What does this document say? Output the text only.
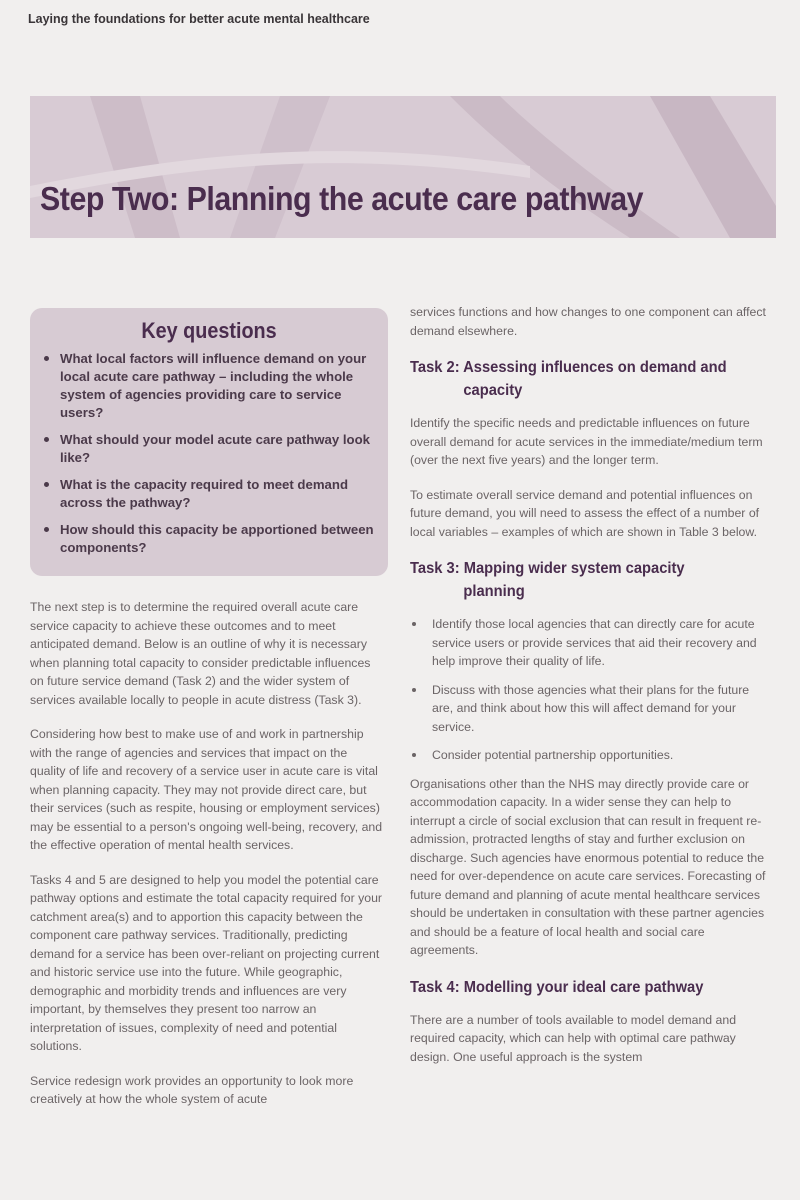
Laying the foundations for better acute mental healthcare
Step Two: Planning the acute care pathway
Key questions
What local factors will influence demand on your local acute care pathway – including the whole system of agencies providing care to service users?
What should your model acute care pathway look like?
What is the capacity required to meet demand across the pathway?
How should this capacity be apportioned between components?

The next step is to determine the required overall acute care service capacity to achieve these outcomes and to meet anticipated demand. Below is an outline of why it is necessary when planning total capacity to consider predictable influences on future service demand (Task 2) and the wider system of services available locally to people in acute distress (Task 3).

Considering how best to make use of and work in partnership with the range of agencies and services that impact on the quality of life and recovery of a service user in acute care is vital when planning capacity. They may not provide direct care, but their services (such as respite, housing or employment services) may be essential to a person's ongoing well-being, recovery, and the effective operation of mental health services.

Tasks 4 and 5 are designed to help you model the potential care pathway options and estimate the total capacity required for your catchment area(s) and to apportion this capacity between the component care pathway services. Traditionally, predicting demand for a service has been over-reliant on projecting current and historic service use into the future. While geographic, demographic and morbidity trends and influences are very important, by themselves they present too narrow an interpretation of issues, complexity of need and potential solutions.

Service redesign work provides an opportunity to look more creatively at how the whole system of acute

services functions and how changes to one component can affect demand elsewhere.

Task 2: Assessing influences on demand and
capacity

Identify the specific needs and predictable influences on future overall demand for acute services in the immediate/medium term (over the next five years) and the longer term.

To estimate overall service demand and potential influences on future demand, you will need to assess the effect of a number of local variables – examples of which are shown in Table 3 below.

Task 3: Mapping wider system capacity
planning
Identify those local agencies that can directly care for acute service users or provide services that aid their recovery and help improve their quality of life.
Discuss with those agencies what their plans for the future are, and think about how this will affect demand for your service.
Consider potential partnership opportunities.

Organisations other than the NHS may directly provide care or accommodation capacity. In a wider sense they can help to interrupt a circle of social exclusion that can result in frequent re-admission, protracted lengths of stay and further exclusion on discharge. Such agencies have enormous potential to reduce the need for over-dependence on acute care services. Forecasting of future demand and planning of acute mental healthcare services should be undertaken in consultation with these partner agencies and should be a feature of local health and social care agreements.

Task 4: Modelling your ideal care pathway

There are a number of tools available to model demand and required capacity, which can help with optimal care pathway design. One useful approach is the system
